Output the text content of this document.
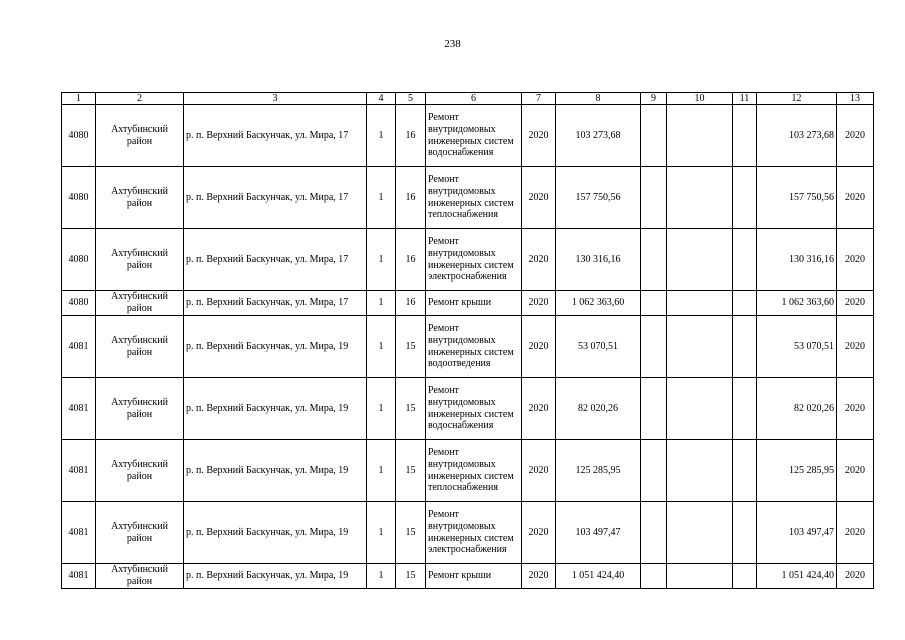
238
1	2	3	4	5	6	7	8	9	10	11	12	13
4080	Ахтубинский район	р. п. Верхний Баскунчак, ул. Мира, 17	1	16	Ремонт внутридомовых инженерных систем водоснабжения	2020	103 273,68				103 273,68	2020
4080	Ахтубинский район	р. п. Верхний Баскунчак, ул. Мира, 17	1	16	Ремонт внутридомовых инженерных систем теплоснабжения	2020	157 750,56				157 750,56	2020
4080	Ахтубинский район	р. п. Верхний Баскунчак, ул. Мира, 17	1	16	Ремонт внутридомовых инженерных систем электроснабжения	2020	130 316,16				130 316,16	2020
4080	Ахтубинский район	р. п. Верхний Баскунчак, ул. Мира, 17	1	16	Ремонт крыши	2020	1 062 363,60				1 062 363,60	2020
4081	Ахтубинский район	р. п. Верхний Баскунчак, ул. Мира, 19	1	15	Ремонт внутридомовых инженерных систем водоотведения	2020	53 070,51				53 070,51	2020
4081	Ахтубинский район	р. п. Верхний Баскунчак, ул. Мира, 19	1	15	Ремонт внутридомовых инженерных систем водоснабжения	2020	82 020,26				82 020,26	2020
4081	Ахтубинский район	р. п. Верхний Баскунчак, ул. Мира, 19	1	15	Ремонт внутридомовых инженерных систем теплоснабжения	2020	125 285,95				125 285,95	2020
4081	Ахтубинский район	р. п. Верхний Баскунчак, ул. Мира, 19	1	15	Ремонт внутридомовых инженерных систем электроснабжения	2020	103 497,47				103 497,47	2020
4081	Ахтубинский район	р. п. Верхний Баскунчак, ул. Мира, 19	1	15	Ремонт крыши	2020	1 051 424,40				1 051 424,40	2020
